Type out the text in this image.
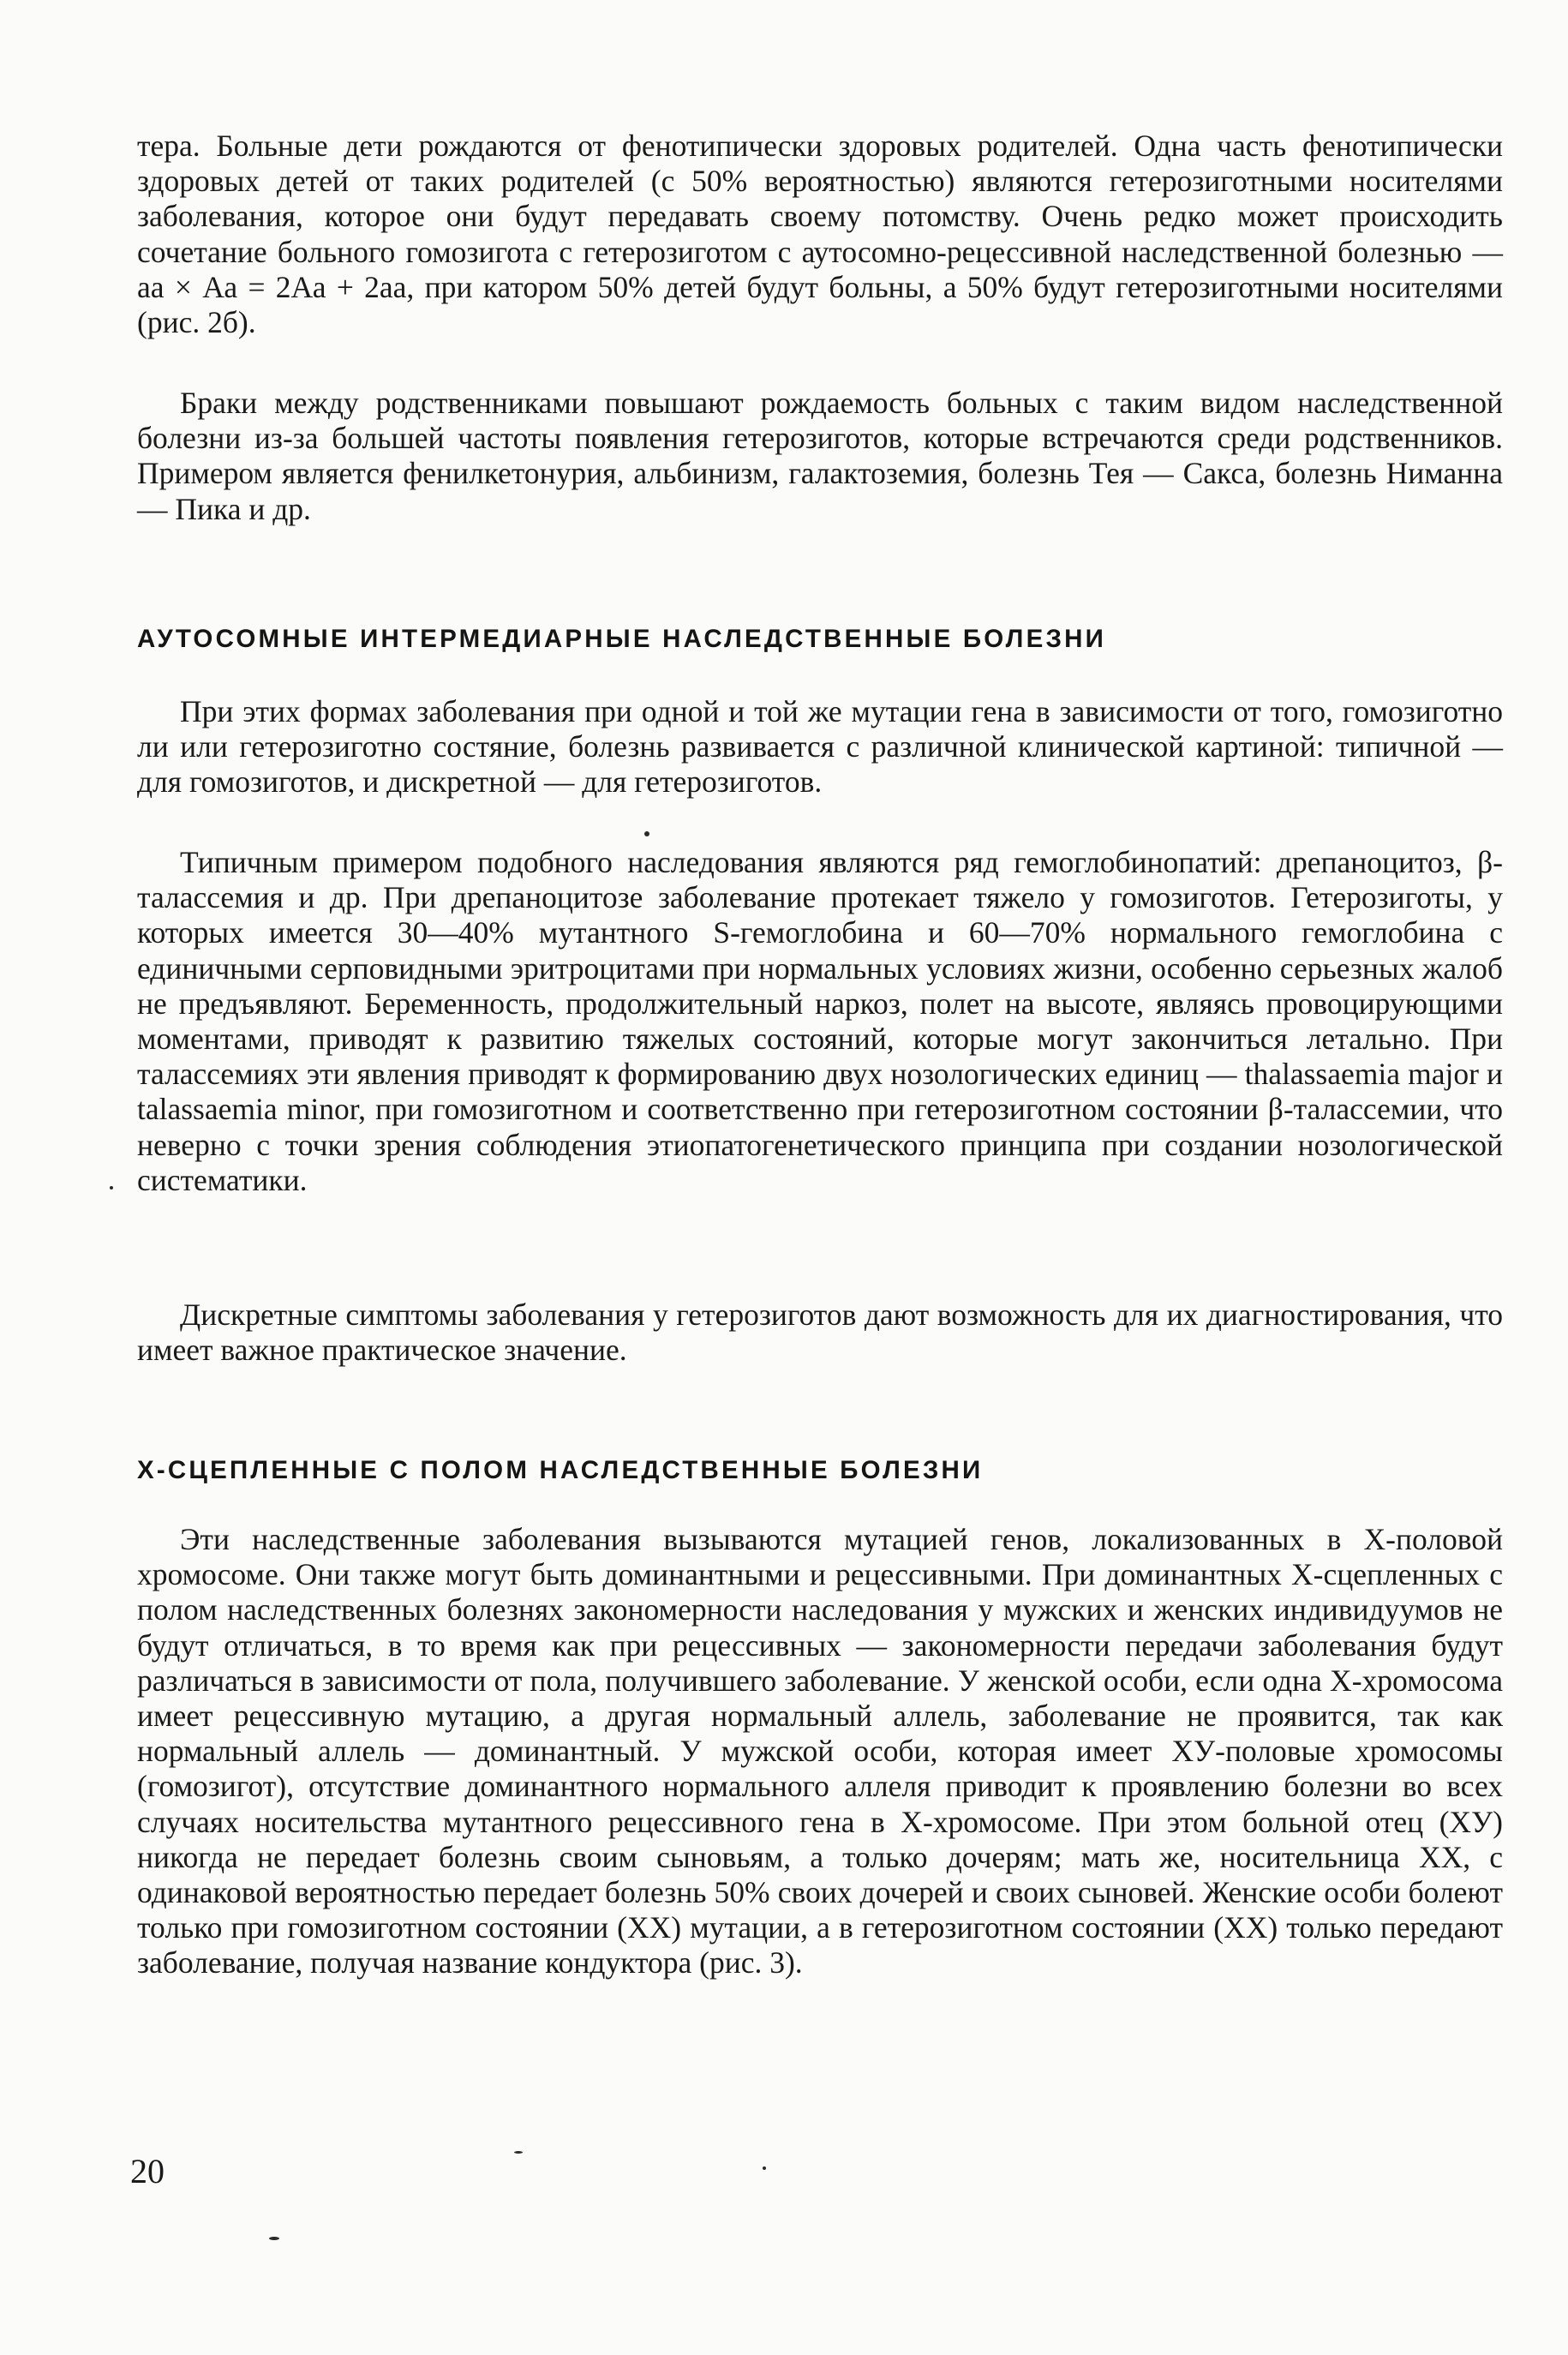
тера. Больные дети рождаются от фенотипически здоровых родителей. Одна часть фенотипически здоровых детей от таких родителей (с 50% вероятностью) являются гетерозиготными носителями заболевания, которое они будут передавать своему потомству. Очень редко может происходить сочетание больного гомозигота с гетерозиготом с аутосомно-рецессивной наследственной болезнью — аа × Аа = 2Аа + 2аа, при катором 50% детей будут больны, а 50% будут гетерозиготными носителями (рис. 2б).

Браки между родственниками повышают рождаемость больных с таким видом наследственной болезни из-за большей частоты появления гетерозиготов, которые встречаются среди родственников. Примером является фенилкетонурия, альбинизм, галактоземия, болезнь Тея — Сакса, болезнь Ниманна — Пика и др.

АУТОСОМНЫЕ ИНТЕРМЕДИАРНЫЕ НАСЛЕДСТВЕННЫЕ БОЛЕЗНИ

При этих формах заболевания при одной и той же мутации гена в зависимости от того, гомозиготно ли или гетерозиготно состяние, болезнь развивается с различной клинической картиной: типичной — для гомозиготов, и дискретной — для гетерозиготов.

Типичным примером подобного наследования являются ряд гемоглобинопатий: дрепаноцитоз, β-талассемия и др. При дрепаноцитозе заболевание протекает тяжело у гомозиготов. Гетерозиготы, у которых имеется 30—40% мутантного S-гемоглобина и 60—70% нормального гемоглобина с единичными серповидными эритроцитами при нормальных условиях жизни, особенно серьезных жалоб не предъявляют. Беременность, продолжительный наркоз, полет на высоте, являясь провоцирующими моментами, приводят к развитию тяжелых состояний, которые могут закончиться летально. При талассемиях эти явления приводят к формированию двух нозологических единиц — thalassaemia major и talassaemia minor, при гомозиготном и соответственно при гетерозиготном состоянии β-талассемии, что неверно с точки зрения соблюдения этиопатогенетического принципа при создании нозологической систематики.

Дискретные симптомы заболевания у гетерозиготов дают возможность для их диагностирования, что имеет важное практическое значение.

X-СЦЕПЛЕННЫЕ С ПОЛОМ НАСЛЕДСТВЕННЫЕ БОЛЕЗНИ

Эти наследственные заболевания вызываются мутацией генов, локализованных в Х-половой хромосоме. Они также могут быть доминантными и рецессивными. При доминантных Х-сцепленных с полом наследственных болезнях закономерности наследования у мужских и женских индивидуумов не будут отличаться, в то время как при рецессивных — закономерности передачи заболевания будут различаться в зависимости от пола, получившего заболевание. У женской особи, если одна Х-хромосома имеет рецессивную мутацию, а другая нормальный аллель, заболевание не проявится, так как нормальный аллель — доминантный. У мужской особи, которая имеет ХУ-половые хромосомы (гомозигот), отсутствие доминантного нормального аллеля приводит к проявлению болезни во всех случаях носительства мутантного рецессивного гена в Х-хромосоме. При этом больной отец (ХУ) никогда не передает болезнь своим сыновьям, а только дочерям; мать же, носительница ХХ, с одинаковой вероятностью передает болезнь 50% своих дочерей и своих сыновей. Женские особи болеют только при гомозиготном состоянии (ХХ) мутации, а в гетерозиготном состоянии (ХХ) только передают заболевание, получая название кондуктора (рис. 3).

20
